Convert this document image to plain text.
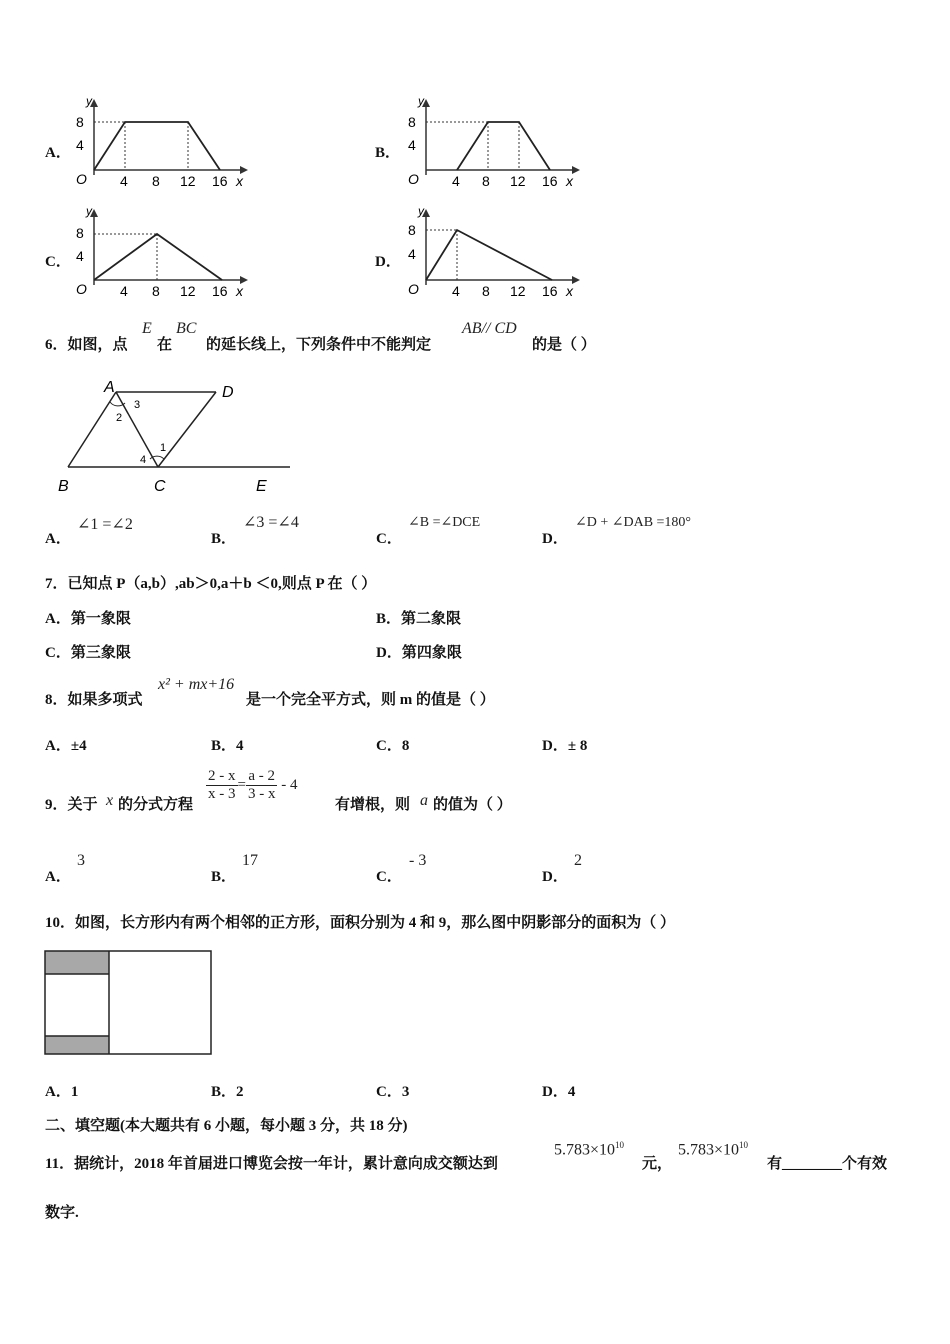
A．
y
8
4
O 4 8 12 16 x
B．
y
8
4
O 4 8 12 16 x
C．
y
8
4
O 4 8 12 16 x
D．
y
8
4
O 4 8 12 16 x
6．如图，点
E
在
BC
的延长线上，下列条件中不能判定
AB// CD
的是（ ）
A	D
B	C	E
1
2
3
4
A．
∠1 =∠2
B．
∠3 =∠4
C．
∠B =∠DCE
D．
∠D + ∠DAB =180°
7．已知点 P（a,b）,ab＞0,a＋b ＜0,则点 P 在（ ）
A．第一象限	B．第二象限
C．第三象限	D．第四象限
8．如果多项式
x² + mx+16
是一个完全平方式，则 m 的值是（ ）
A．±4	B．4	C．8	D．± 8
9．关于 x 的分式方程
$\frac{2 - x}{x - 3} = \frac{a - 2}{3 - x} - 4$
有增根，则 a 的值为（ ）
A．
3
B．
17
C．
- 3
D．
2
10．如图，长方形内有两个相邻的正方形，面积分别为 4 和 9，那么图中阴影部分的面积为（ ）
A．1	B．2	C．3	D．4
二、填空题(本大题共有 6 小题，每小题 3 分，共 18 分)
11．据统计，2018 年首届进口博览会按一年计，累计意向成交额达到
$5.783\times 10^{10}$
元，
$5.783\times 10^{10}$
有________个有效
数字.
